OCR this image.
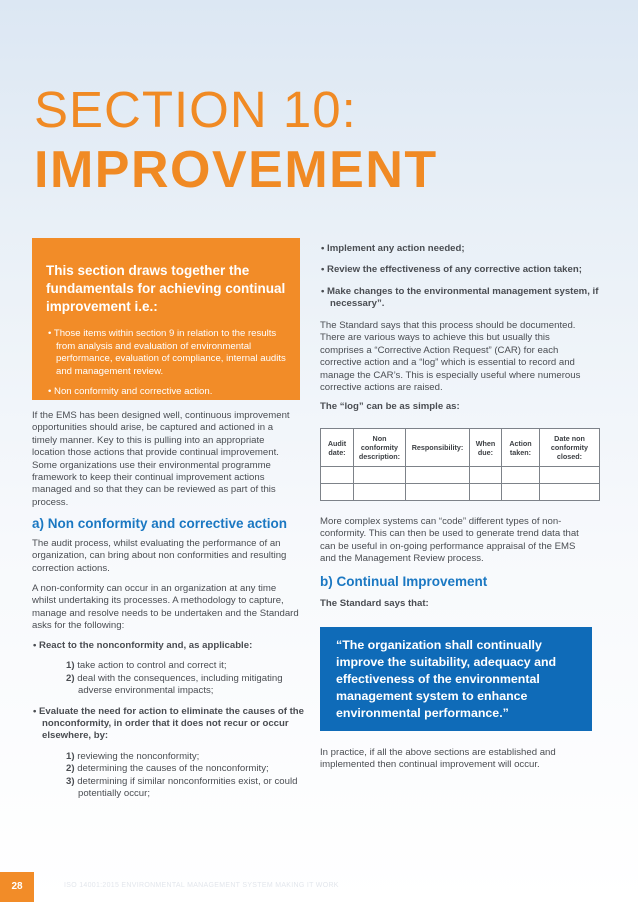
SECTION 10:
IMPROVEMENT
This section draws together the fundamentals for achieving continual improvement i.e.:
• Those items within section 9 in relation to the results from analysis and evaluation of environmental performance, evaluation of compliance, internal audits and management review.
• Non conformity and corrective action.

If the EMS has been designed well, continuous improvement opportunities should arise, be captured and actioned in a timely manner. Key to this is pulling into an appropriate location those actions that provide continual improvement. Some organizations use their environmental programme framework to keep their continual improvement actions managed and so that they can be reviewed as part of this process.

a) Non conformity and corrective action

The audit process, whilst evaluating the performance of an organization, can bring about non conformities and resulting correction actions.

A non-conformity can occur in an organization at any time whilst undertaking its processes. A methodology to capture, manage and resolve needs to be undertaken and the Standard asks for the following:

• React to the nonconformity and, as applicable:
1) take action to control and correct it;
2) deal with the consequences, including mitigating adverse environmental impacts;
• Evaluate the need for action to eliminate the causes of the nonconformity, in order that it does not recur or occur elsewhere, by:
1) reviewing the nonconformity;
2) determining the causes of the nonconformity;
3) determining if similar nonconformities exist, or could potentially occur;
• Implement any action needed;
• Review the effectiveness of any corrective action taken;
• Make changes to the environmental management system, if necessary”.

The Standard says that this process should be documented. There are various ways to achieve this but usually this comprises a “Corrective Action Request” (CAR) for each corrective action and a “log” which is essential to record and manage the CAR’s. This is especially useful where numerous corrective actions are raised.

The “log” can be as simple as:

Audit date:	Non conformity description:	Responsibility:	When due:	Action taken:	Date non conformity closed:

More complex systems can “code” different types of non-conformity. This can then be used to generate trend data that can be useful in on-going performance appraisal of the EMS and the Management Review process.

b) Continual Improvement

The Standard says that:

“The organization shall continually improve the suitability, adequacy and effectiveness of the environmental management system to enhance environmental performance.”

In practice, if all the above sections are established and implemented then continual improvement will occur.

28	ISO 14001:2015 ENVIRONMENTAL MANAGEMENT SYSTEM MAKING IT WORK
